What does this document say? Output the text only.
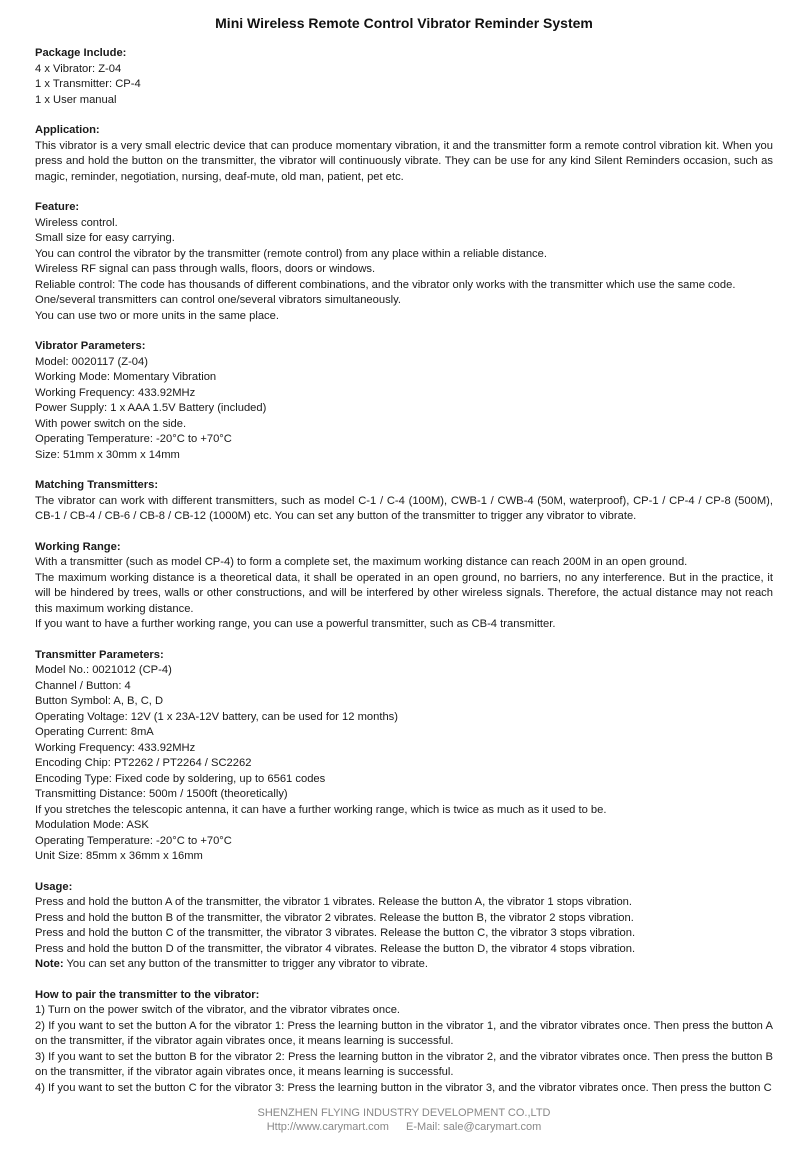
Mini Wireless Remote Control Vibrator Reminder System
Package Include:

4 x Vibrator: Z-04

1 x Transmitter: CP-4

1 x User manual

Application:

This vibrator is a very small electric device that can produce momentary vibration, it and the transmitter form a remote control vibration kit. When you press and hold the button on the transmitter, the vibrator will continuously vibrate. They can be use for any kind Silent Reminders occasion, such as magic, reminder, negotiation, nursing, deaf-mute, old man, patient, pet etc.

Feature:

Wireless control.

Small size for easy carrying.

You can control the vibrator by the transmitter (remote control) from any place within a reliable distance.

Wireless RF signal can pass through walls, floors, doors or windows.

Reliable control: The code has thousands of different combinations, and the vibrator only works with the transmitter which use the same code.

One/several transmitters can control one/several vibrators simultaneously.

You can use two or more units in the same place.

Vibrator Parameters:

Model: 0020117 (Z-04)

Working Mode: Momentary Vibration

Working Frequency: 433.92MHz

Power Supply: 1 x AAA 1.5V Battery (included)

With power switch on the side.

Operating Temperature: -20°C to +70°C

Size: 51mm x 30mm x 14mm

Matching Transmitters:

The vibrator can work with different transmitters, such as model C-1 / C-4 (100M), CWB-1 / CWB-4 (50M, waterproof), CP-1 / CP-4 / CP-8 (500M), CB-1 / CB-4 / CB-6 / CB-8 / CB-12 (1000M) etc. You can set any button of the transmitter to trigger any vibrator to vibrate.

Working Range:

With a transmitter (such as model CP-4) to form a complete set, the maximum working distance can reach 200M in an open ground.

The maximum working distance is a theoretical data, it shall be operated in an open ground, no barriers, no any interference. But in the practice, it will be hindered by trees, walls or other constructions, and will be interfered by other wireless signals. Therefore, the actual distance may not reach this maximum working distance.

If you want to have a further working range, you can use a powerful transmitter, such as CB-4 transmitter.

Transmitter Parameters:

Model No.: 0021012 (CP-4)

Channel / Button: 4

Button Symbol: A, B, C, D

Operating Voltage: 12V (1 x 23A-12V battery, can be used for 12 months)

Operating Current: 8mA

Working Frequency: 433.92MHz

Encoding Chip: PT2262 / PT2264 / SC2262

Encoding Type: Fixed code by soldering, up to 6561 codes

Transmitting Distance: 500m / 1500ft (theoretically)

If you stretches the telescopic antenna, it can have a further working range, which is twice as much as it used to be.

Modulation Mode: ASK

Operating Temperature: -20°C to +70°C

Unit Size: 85mm x 36mm x 16mm

Usage:

Press and hold the button A of the transmitter, the vibrator 1 vibrates. Release the button A, the vibrator 1 stops vibration.

Press and hold the button B of the transmitter, the vibrator 2 vibrates. Release the button B, the vibrator 2 stops vibration.

Press and hold the button C of the transmitter, the vibrator 3 vibrates. Release the button C, the vibrator 3 stops vibration.

Press and hold the button D of the transmitter, the vibrator 4 vibrates. Release the button D, the vibrator 4 stops vibration.

Note: You can set any button of the transmitter to trigger any vibrator to vibrate.

How to pair the transmitter to the vibrator:

1) Turn on the power switch of the vibrator, and the vibrator vibrates once.

2) If you want to set the button A for the vibrator 1: Press the learning button in the vibrator 1, and the vibrator vibrates once. Then press the button A on the transmitter, if the vibrator again vibrates once, it means learning is successful.

3) If you want to set the button B for the vibrator 2: Press the learning button in the vibrator 2, and the vibrator vibrates once. Then press the button B on the transmitter, if the vibrator again vibrates once, it means learning is successful.

4) If you want to set the button C for the vibrator 3: Press the learning button in the vibrator 3, and the vibrator vibrates once. Then press the button C

SHENZHEN FLYING INDUSTRY DEVELOPMENT CO.,LTD
Http://www.carymart.com E-Mail: sale@carymart.com
